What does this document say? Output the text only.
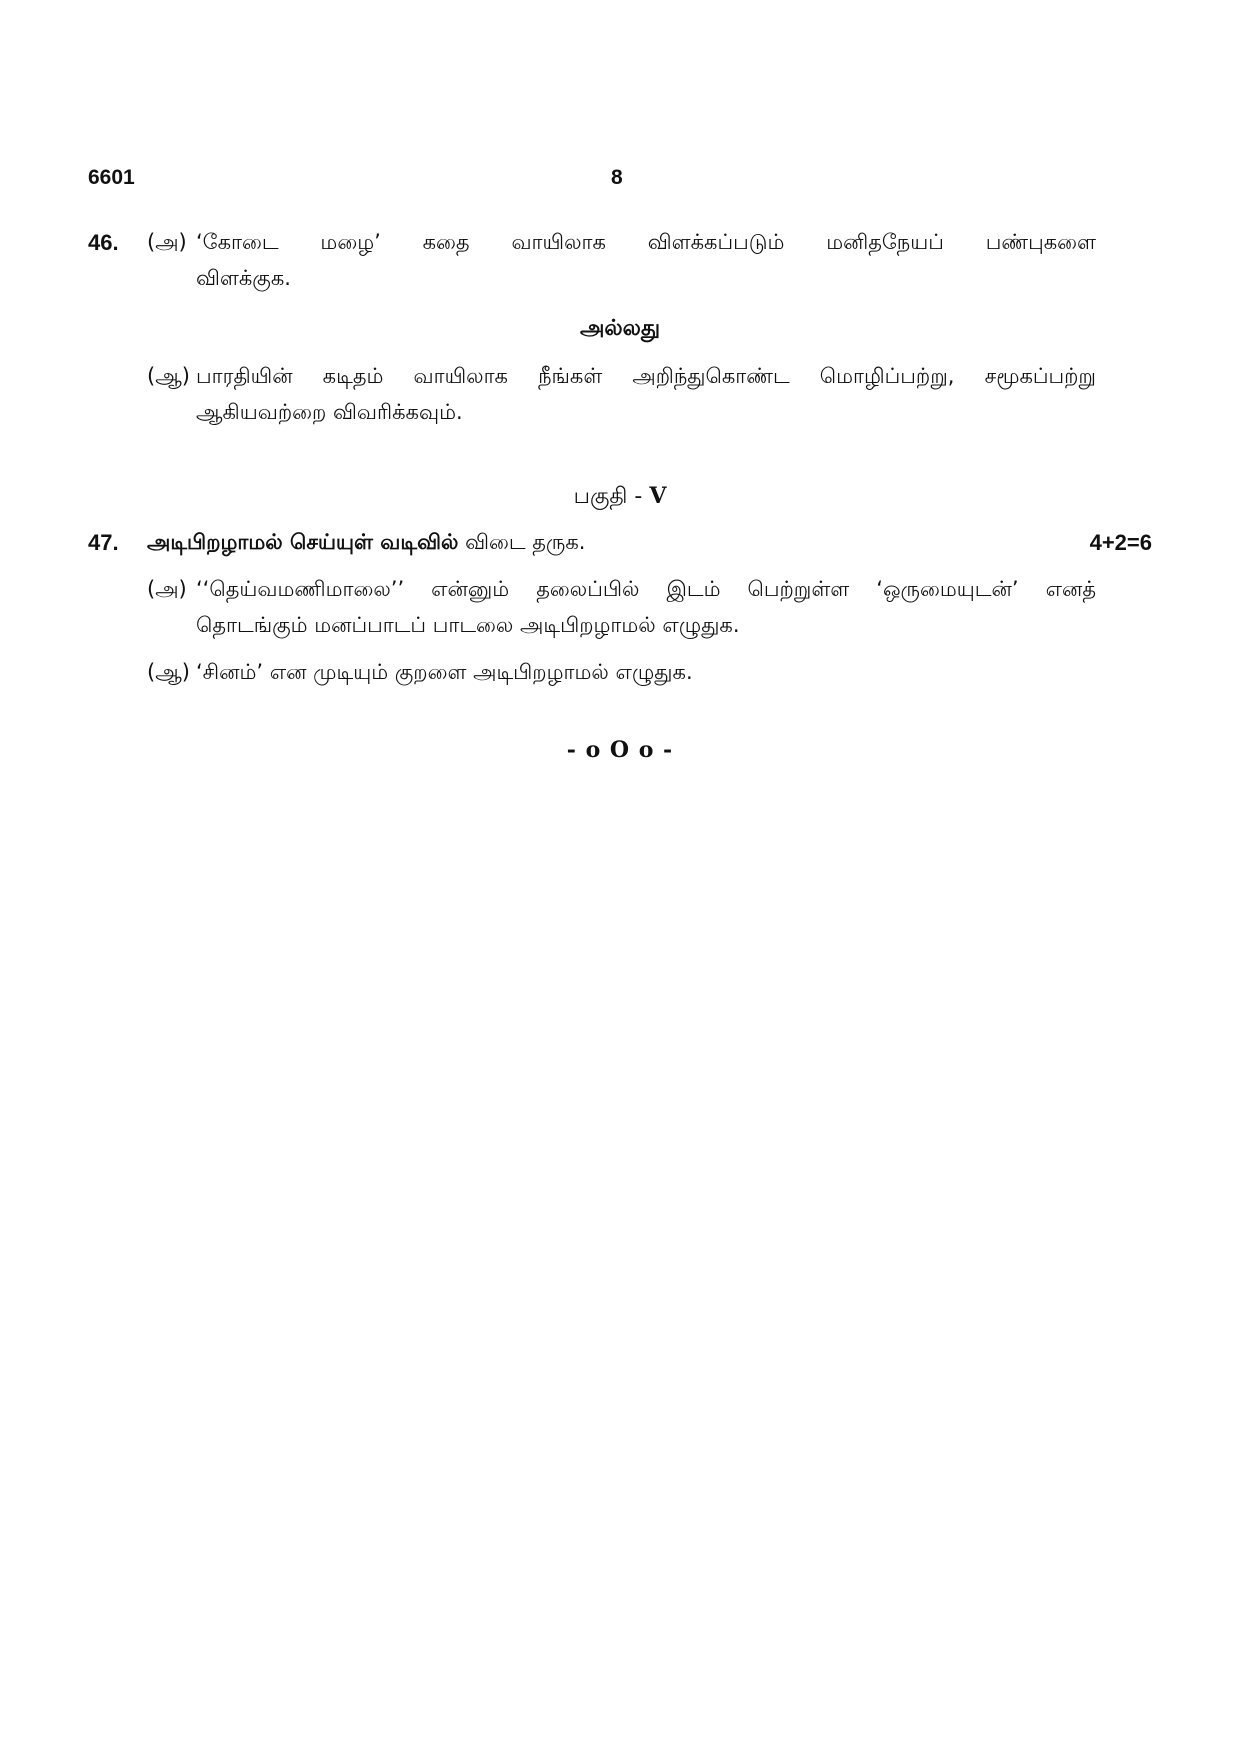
6601	8
46. (அ) ‘கோடை மழை’ கதை வாயிலாக விளக்கப்படும் மனிதநேயப் பண்புகளை
விளக்குக.
அல்லது
(ஆ) பாரதியின் கடிதம் வாயிலாக நீங்கள் அறிந்துகொண்ட மொழிப்பற்று, சமூகப்பற்று
ஆகியவற்றை விவரிக்கவும்.
பகுதி - V
47. அடிபிறழாமல் செய்யுள் வடிவில் விடை தருக.	4+2=6
(அ) ‘‘தெய்வமணிமாலை’’ என்னும் தலைப்பில் இடம் பெற்றுள்ள ‘ஒருமையுடன்’ எனத்
தொடங்கும் மனப்பாடப் பாடலை அடிபிறழாமல் எழுதுக.
(ஆ) ‘சினம்’ என முடியும் குறளை அடிபிறழாமல் எழுதுக.
- o O o -
